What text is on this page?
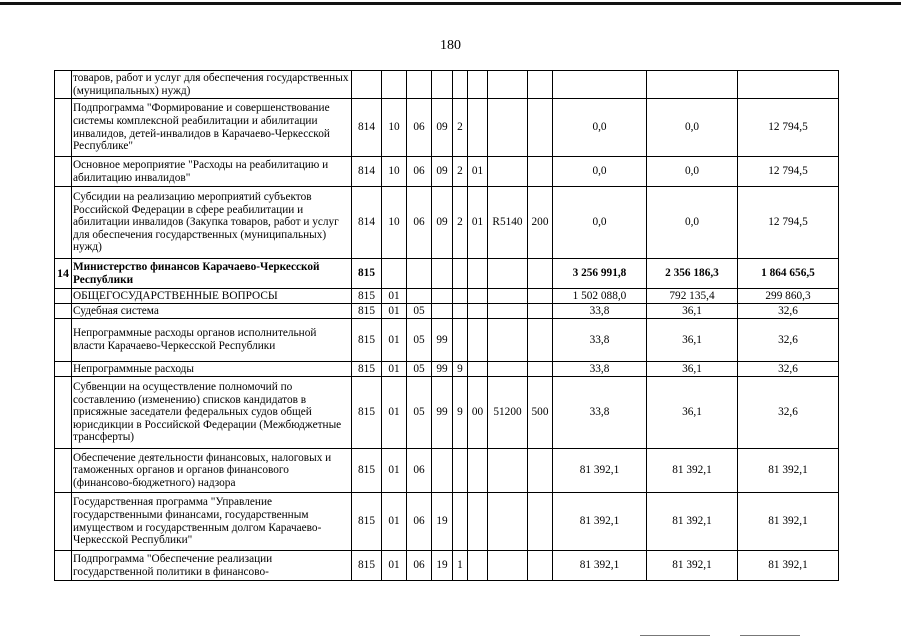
180
	товаров, работ и услуг для обеспечения государственных (муниципальных) нужд)											
	Подпрограмма "Формирование и совершенствование системы комплексной реабилитации и абилитации инвалидов, детей-инвалидов в Карачаево-Черкесской Республике"	814	10	06	09	2				0,0	0,0	12 794,5
	Основное мероприятие "Расходы на реабилитацию и абилитацию инвалидов"	814	10	06	09	2	01			0,0	0,0	12 794,5
	Субсидии на реализацию мероприятий субъектов Российской Федерации в сфере реабилитации и абилитации инвалидов (Закупка товаров, работ и услуг для обеспечения государственных (муниципальных) нужд)	814	10	06	09	2	01	R5140	200	0,0	0,0	12 794,5
14	Министерство финансов Карачаево-Черкесской Республики	815								3 256 991,8	2 356 186,3	1 864 656,5
	ОБЩЕГОСУДАРСТВЕННЫЕ ВОПРОСЫ	815	01							1 502 088,0	792 135,4	299 860,3
	Судебная система	815	01	05						33,8	36,1	32,6
	Непрограммные расходы органов исполнительной власти Карачаево-Черкесской Республики	815	01	05	99					33,8	36,1	32,6
	Непрограммные расходы	815	01	05	99	9				33,8	36,1	32,6
	Субвенции на осуществление полномочий по составлению (изменению) списков кандидатов в присяжные заседатели федеральных судов общей юрисдикции в Российской Федерации (Межбюджетные трансферты)	815	01	05	99	9	00	51200	500	33,8	36,1	32,6
	Обеспечение деятельности финансовых, налоговых и таможенных органов и органов финансового (финансово-бюджетного) надзора	815	01	06						81 392,1	81 392,1	81 392,1
	Государственная программа "Управление государственными финансами, государственным имуществом и государственным долгом Карачаево-Черкесской Республики"	815	01	06	19					81 392,1	81 392,1	81 392,1
	Подпрограмма "Обеспечение реализации государственной политики в финансово-	815	01	06	19	1				81 392,1	81 392,1	81 392,1
